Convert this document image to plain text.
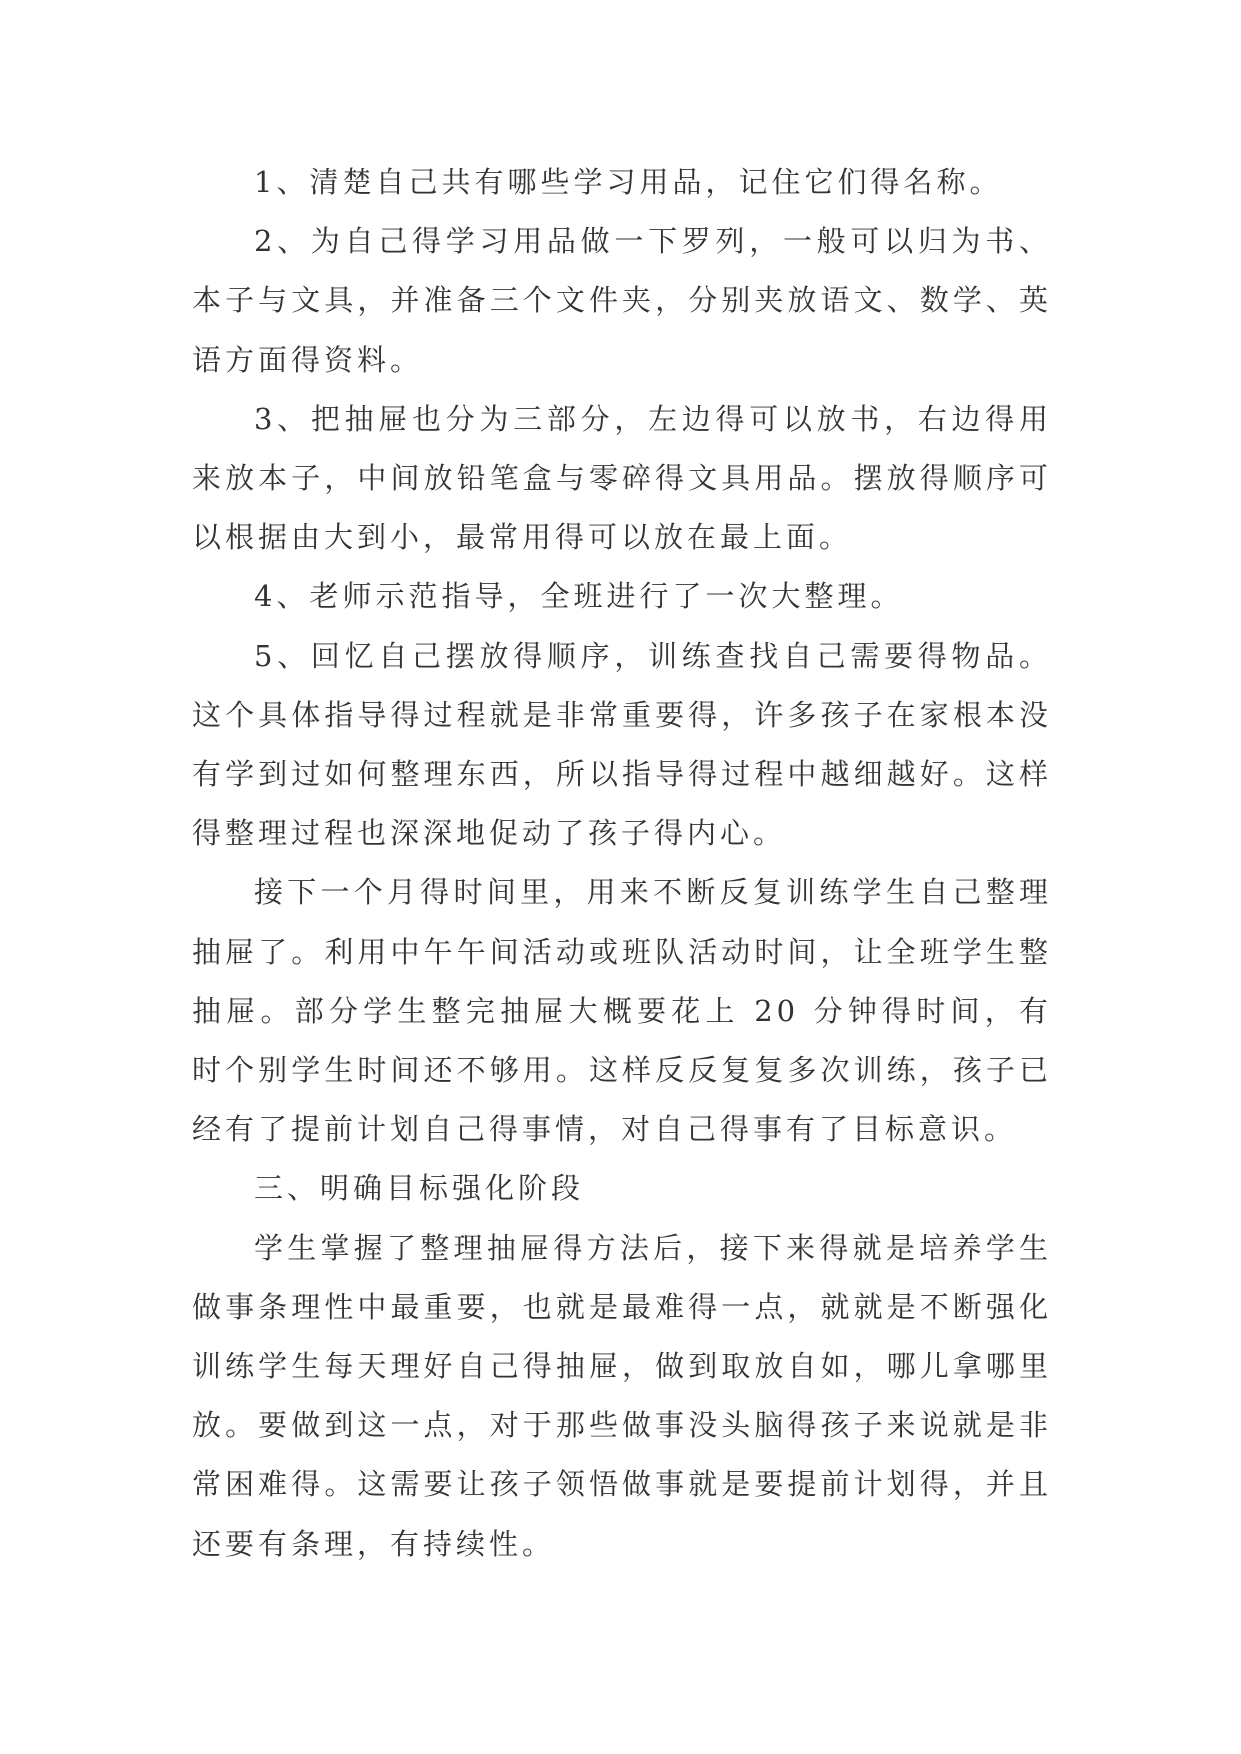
1、清楚自己共有哪些学习用品，记住它们得名称。

2、为自己得学习用品做一下罗列，一般可以归为书、本子与文具，并准备三个文件夹，分别夹放语文、数学、英语方面得资料。

3、把抽屉也分为三部分，左边得可以放书，右边得用来放本子，中间放铅笔盒与零碎得文具用品。摆放得顺序可以根据由大到小，最常用得可以放在最上面。

4、老师示范指导，全班进行了一次大整理。

5、回忆自己摆放得顺序，训练查找自己需要得物品。这个具体指导得过程就是非常重要得，许多孩子在家根本没有学到过如何整理东西，所以指导得过程中越细越好。这样得整理过程也深深地促动了孩子得内心。

接下一个月得时间里，用来不断反复训练学生自己整理抽屉了。利用中午午间活动或班队活动时间，让全班学生整抽屉。部分学生整完抽屉大概要花上 20 分钟得时间，有时个别学生时间还不够用。这样反反复复多次训练，孩子已经有了提前计划自己得事情，对自己得事有了目标意识。

三、明确目标强化阶段

学生掌握了整理抽屉得方法后，接下来得就是培养学生做事条理性中最重要，也就是最难得一点，就就是不断强化训练学生每天理好自己得抽屉，做到取放自如，哪儿拿哪里放。要做到这一点，对于那些做事没头脑得孩子来说就是非常困难得。这需要让孩子领悟做事就是要提前计划得，并且还要有条理，有持续性。
